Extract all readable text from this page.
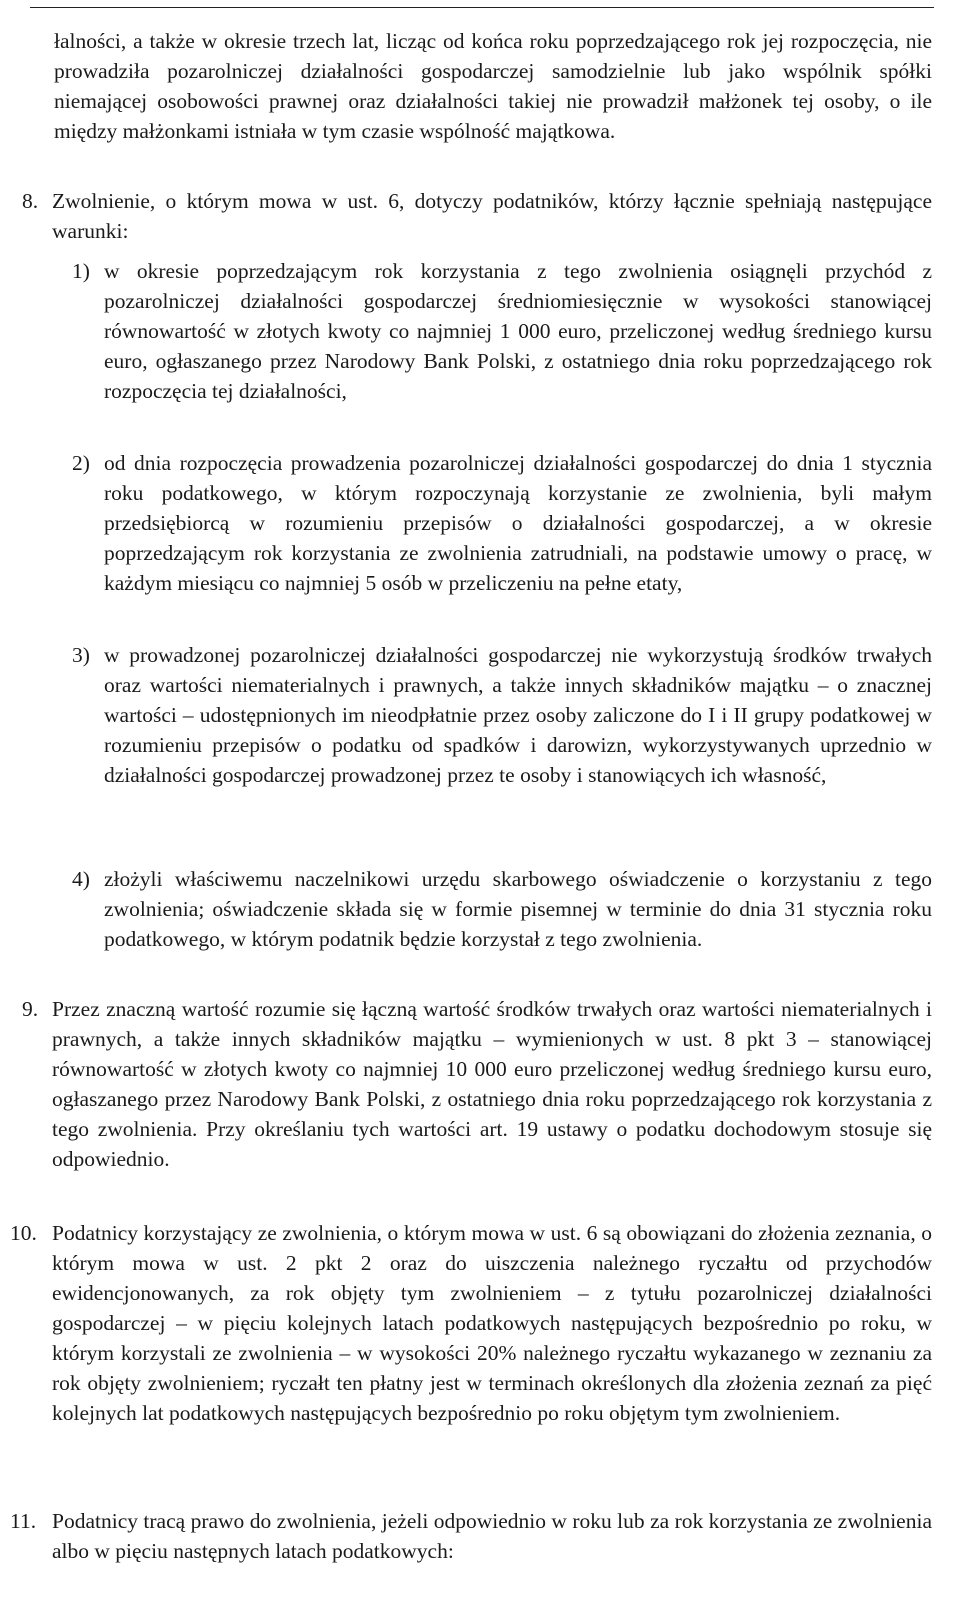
łalności, a także w okresie trzech lat, licząc od końca roku poprzedzającego rok jej rozpoczęcia, nie prowadziła pozarolniczej działalności gospodarczej samodzielnie lub jako wspólnik spółki niemającej osobowości prawnej oraz działalności takiej nie prowadził małżonek tej osoby, o ile między małżonkami istniała w tym czasie wspólność majątkowa.

8. Zwolnienie, o którym mowa w ust. 6, dotyczy podatników, którzy łącznie spełniają następujące warunki:

1) w okresie poprzedzającym rok korzystania z tego zwolnienia osiągnęli przychód z pozarolniczej działalności gospodarczej średniomiesięcznie w wysokości stanowiącej równowartość w złotych kwoty co najmniej 1 000 euro, przeliczonej według średniego kursu euro, ogłaszanego przez Narodowy Bank Polski, z ostatniego dnia roku poprzedzającego rok rozpoczęcia tej działalności,

2) od dnia rozpoczęcia prowadzenia pozarolniczej działalności gospodarczej do dnia 1 stycznia roku podatkowego, w którym rozpoczynają korzystanie ze zwolnienia, byli małym przedsiębiorcą w rozumieniu przepisów o działalności gospodarczej, a w okresie poprzedzającym rok korzystania ze zwolnienia zatrudniali, na podstawie umowy o pracę, w każdym miesiącu co najmniej 5 osób w przeliczeniu na pełne etaty,

3) w prowadzonej pozarolniczej działalności gospodarczej nie wykorzystują środków trwałych oraz wartości niematerialnych i prawnych, a także innych składników majątku – o znacznej wartości – udostępnionych im nieodpłatnie przez osoby zaliczone do I i II grupy podatkowej w rozumieniu przepisów o podatku od spadków i darowizn, wykorzystywanych uprzednio w działalności gospodarczej prowadzonej przez te osoby i stanowiących ich własność,

4) złożyli właściwemu naczelnikowi urzędu skarbowego oświadczenie o korzystaniu z tego zwolnienia; oświadczenie składa się w formie pisemnej w terminie do dnia 31 stycznia roku podatkowego, w którym podatnik będzie korzystał z tego zwolnienia.

9. Przez znaczną wartość rozumie się łączną wartość środków trwałych oraz wartości niematerialnych i prawnych, a także innych składników majątku – wymienionych w ust. 8 pkt 3 – stanowiącej równowartość w złotych kwoty co najmniej 10 000 euro przeliczonej według średniego kursu euro, ogłaszanego przez Narodowy Bank Polski, z ostatniego dnia roku poprzedzającego rok korzystania z tego zwolnienia. Przy określaniu tych wartości art. 19 ustawy o podatku dochodowym stosuje się odpowiednio.

10. Podatnicy korzystający ze zwolnienia, o którym mowa w ust. 6 są obowiązani do złożenia zeznania, o którym mowa w ust. 2 pkt 2 oraz do uiszczenia należnego ryczałtu od przychodów ewidencjonowanych, za rok objęty tym zwolnieniem – z tytułu pozarolniczej działalności gospodarczej – w pięciu kolejnych latach podatkowych następujących bezpośrednio po roku, w którym korzystali ze zwolnienia – w wysokości 20% należnego ryczałtu wykazanego w zeznaniu za rok objęty zwolnieniem; ryczałt ten płatny jest w terminach określonych dla złożenia zeznań za pięć kolejnych lat podatkowych następujących bezpośrednio po roku objętym tym zwolnieniem.

11. Podatnicy tracą prawo do zwolnienia, jeżeli odpowiednio w roku lub za rok korzystania ze zwolnienia albo w pięciu następnych latach podatkowych:
